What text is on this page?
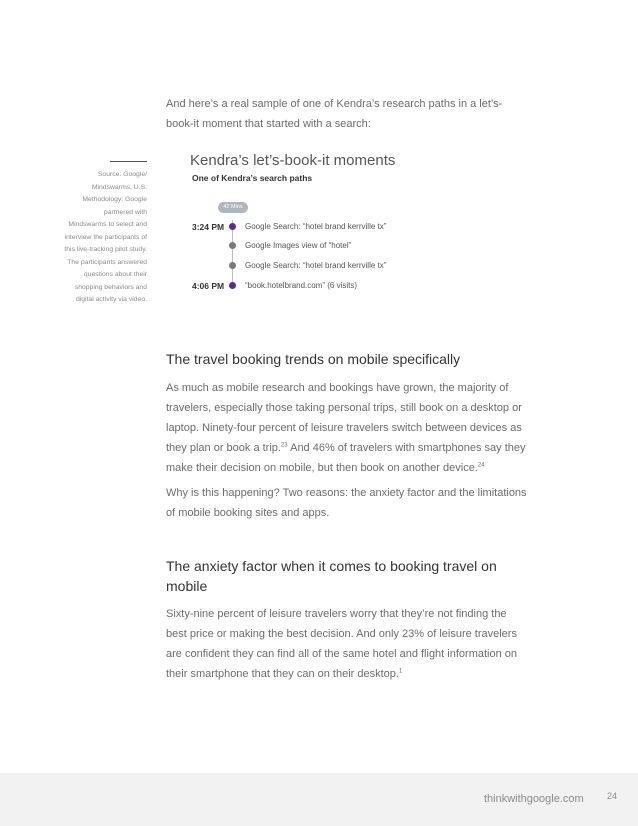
And here’s a real sample of one of Kendra’s research paths in a let’s-book-it moment that started with a search:

Source: Google/ Mindswarms, U.S. Methodology: Google partnered with Mindswarms to select and interview the participants of this live-tracking pilot study. The participants answered questions about their shopping behaviors and digital activity via video.
Kendra’s let’s-book-it moments
One of Kendra’s search paths
42 Mins
3:24 PM	Google Search: “hotel brand kerrville tx”
Google Images view of “hotel”
Google Search: “hotel brand kerrville tx”
4:06 PM	“book.hotelbrand.com” (6 visits)
The travel booking trends on mobile specifically

As much as mobile research and bookings have grown, the majority of travelers, especially those taking personal trips, still book on a desktop or laptop. Ninety-four percent of leisure travelers switch between devices as they plan or book a trip.$^{23}$ And 46% of travelers with smartphones say they make their decision on mobile, but then book on another device.$^{24}$

Why is this happening? Two reasons: the anxiety factor and the limitations of mobile booking sites and apps.

The anxiety factor when it comes to booking travel on mobile

Sixty-nine percent of leisure travelers worry that they’re not finding the best price or making the best decision. And only 23% of leisure travelers are confident they can find all of the same hotel and flight information on their smartphone that they can on their desktop.$^1$

thinkwithgoogle.com	24
